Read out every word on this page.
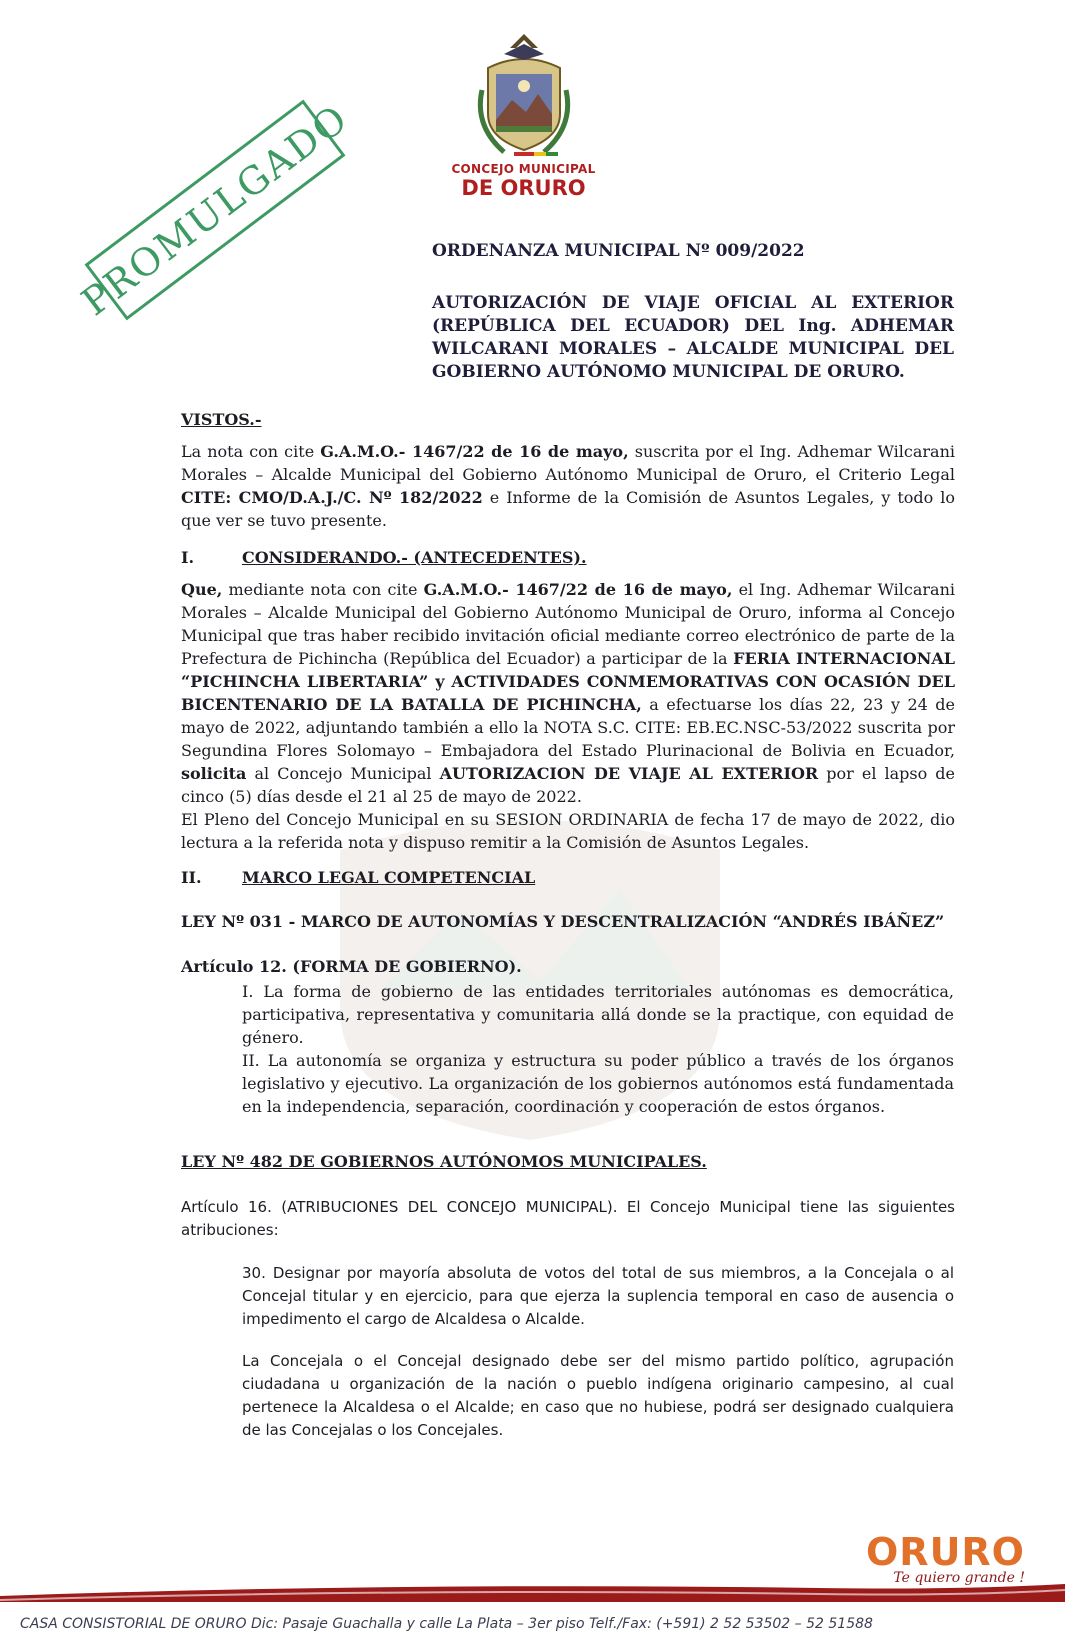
CONCEJO MUNICIPAL
DE ORURO
PROMULGADO	ORDENANZA MUNICIPAL Nº 009/2022
AUTORIZACIÓN DE VIAJE OFICIAL AL EXTERIOR (REPÚBLICA DEL ECUADOR) DEL Ing. ADHEMAR WILCARANI MORALES – ALCALDE MUNICIPAL DEL GOBIERNO AUTÓNOMO MUNICIPAL DE ORURO.
VISTOS.-
La nota con cite G.A.M.O.- 1467/22 de 16 de mayo, suscrita por el Ing. Adhemar Wilcarani Morales – Alcalde Municipal del Gobierno Autónomo Municipal de Oruro, el Criterio Legal CITE: CMO/D.A.J./C. Nº 182/2022 e Informe de la Comisión de Asuntos Legales, y todo lo que ver se tuvo presente.
I.	CONSIDERANDO.- (ANTECEDENTES).
Que, mediante nota con cite G.A.M.O.- 1467/22 de 16 de mayo, el Ing. Adhemar Wilcarani Morales – Alcalde Municipal del Gobierno Autónomo Municipal de Oruro, informa al Concejo Municipal que tras haber recibido invitación oficial mediante correo electrónico de parte de la Prefectura de Pichincha (República del Ecuador) a participar de la FERIA INTERNACIONAL “PICHINCHA LIBERTARIA” y ACTIVIDADES CONMEMORATIVAS CON OCASIÓN DEL BICENTENARIO DE LA BATALLA DE PICHINCHA, a efectuarse los días 22, 23 y 24 de mayo de 2022, adjuntando también a ello la NOTA S.C. CITE: EB.EC.NSC-53/2022 suscrita por Segundina Flores Solomayo – Embajadora del Estado Plurinacional de Bolivia en Ecuador, solicita al Concejo Municipal AUTORIZACION DE VIAJE AL EXTERIOR por el lapso de cinco (5) días desde el 21 al 25 de mayo de 2022.
El Pleno del Concejo Municipal en su SESION ORDINARIA de fecha 17 de mayo de 2022, dio lectura a la referida nota y dispuso remitir a la Comisión de Asuntos Legales.
II.	MARCO LEGAL COMPETENCIAL
LEY Nº 031 - MARCO DE AUTONOMÍAS Y DESCENTRALIZACIÓN “ANDRÉS IBÁÑEZ”
Artículo 12. (FORMA DE GOBIERNO).
I. La forma de gobierno de las entidades territoriales autónomas es democrática, participativa, representativa y comunitaria allá donde se la practique, con equidad de género.
II. La autonomía se organiza y estructura su poder público a través de los órganos legislativo y ejecutivo. La organización de los gobiernos autónomos está fundamentada en la independencia, separación, coordinación y cooperación de estos órganos.
LEY Nº 482 DE GOBIERNOS AUTÓNOMOS MUNICIPALES.
Artículo 16. (ATRIBUCIONES DEL CONCEJO MUNICIPAL). El Concejo Municipal tiene las siguientes atribuciones:
30. Designar por mayoría absoluta de votos del total de sus miembros, a la Concejala o al Concejal titular y en ejercicio, para que ejerza la suplencia temporal en caso de ausencia o impedimento el cargo de Alcaldesa o Alcalde.
La Concejala o el Concejal designado debe ser del mismo partido político, agrupación ciudadana u organización de la nación o pueblo indígena originario campesino, al cual pertenece la Alcaldesa o el Alcalde; en caso que no hubiese, podrá ser designado cualquiera de las Concejalas o los Concejales.
ORURO
Te quiero grande !
CASA CONSISTORIAL DE ORURO Dic: Pasaje Guachalla y calle La Plata – 3er piso Telf./Fax: (+591) 2 52 53502 – 52 51588
